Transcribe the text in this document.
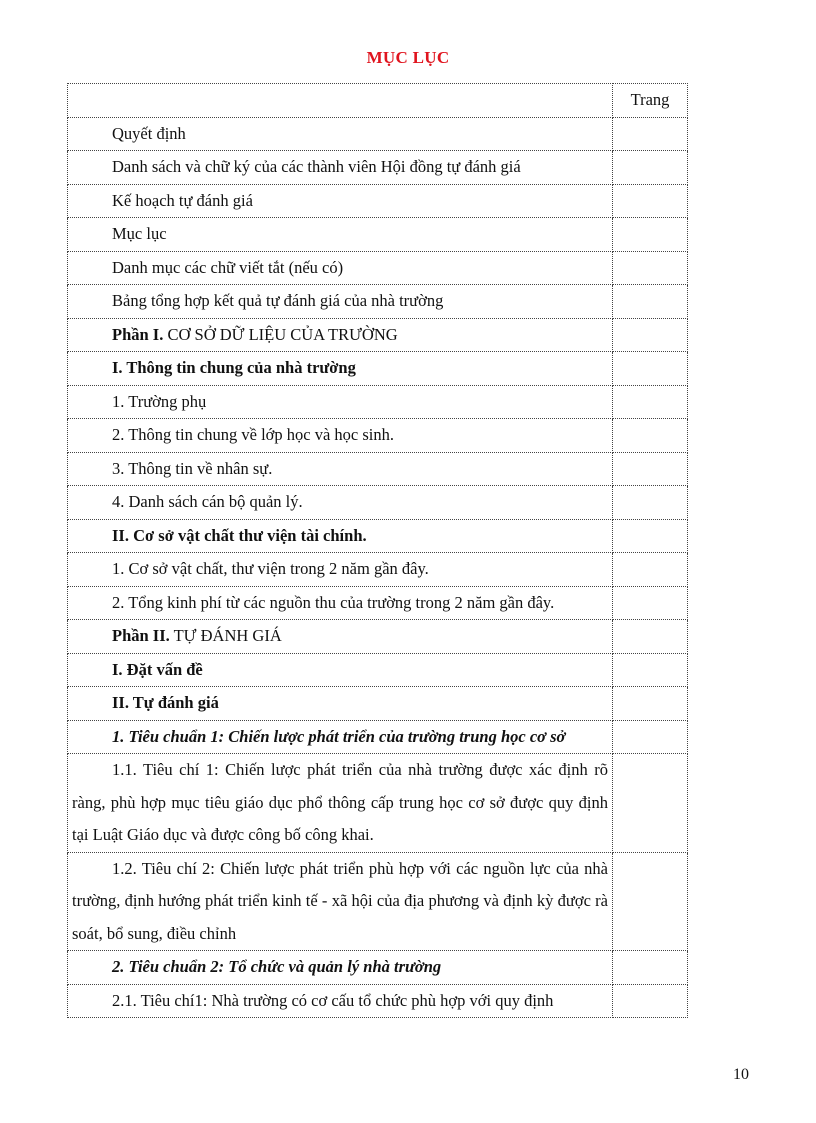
MỤC LỤC
	Trang
Quyết định	
Danh sách và chữ ký của các thành viên Hội đồng tự đánh giá	
Kế hoạch tự đánh giá	
Mục lục	
Danh mục các chữ viết tắt (nếu có)	
Bảng tổng hợp kết quả tự đánh giá của nhà trường	
Phần I. CƠ SỞ DỮ LIỆU CỦA TRƯỜNG	
I. Thông tin chung của nhà trường	
1. Trường phụ	
2. Thông tin chung về lớp học và học sinh.	
3. Thông tin về nhân sự.	
4. Danh sách cán bộ quản lý.	
II. Cơ sở vật chất thư viện tài chính.	
1. Cơ sở vật chất, thư viện trong 2 năm gần đây.	
2. Tổng kinh phí từ các nguồn thu của trường trong 2 năm gần đây.	
Phần II. TỰ ĐÁNH GIÁ	
I. Đặt vấn đề	
II. Tự đánh giá	
1. Tiêu chuẩn 1: Chiến lược phát triển của trường trung học cơ sở	
1.1. Tiêu chí 1: Chiến lược phát triển của nhà trường được xác định rõ ràng, phù hợp mục tiêu giáo dục phổ thông cấp trung học cơ sở được quy định tại Luật Giáo dục và được công bố công khai.	
1.2. Tiêu chí 2: Chiến lược phát triển phù hợp với các nguồn lực của nhà trường, định hướng phát triển kinh tế - xã hội của địa phương và định kỳ được rà soát, bổ sung, điều chỉnh	
2. Tiêu chuẩn 2: Tổ chức và quản lý nhà trường	
2.1. Tiêu chí1: Nhà trường có cơ cấu tổ chức phù hợp với quy định	
10
